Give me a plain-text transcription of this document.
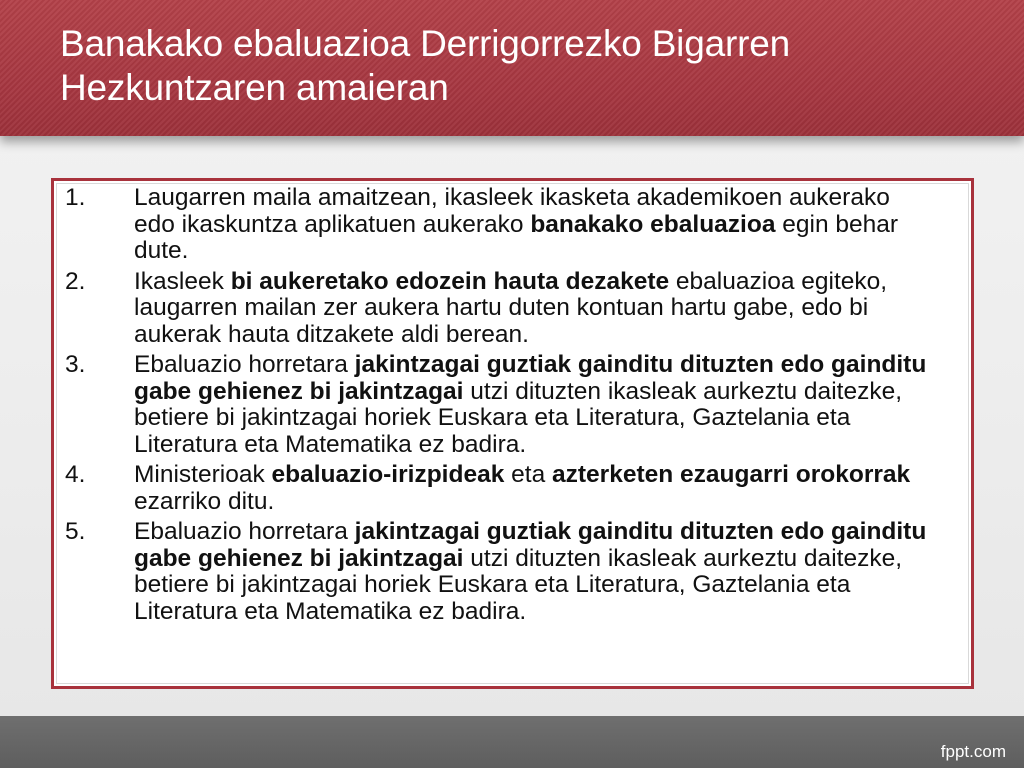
Banakako ebaluazioa Derrigorrezko Bigarren Hezkuntzaren amaieran
1. Laugarren maila amaitzean, ikasleek ikasketa akademikoen aukerako edo ikaskuntza aplikatuen aukerako banakako ebaluazioa egin behar dute.
2. Ikasleek bi aukeretako edozein hauta dezakete ebaluazioa egiteko, laugarren mailan zer aukera hartu duten kontuan hartu gabe, edo bi aukerak hauta ditzakete aldi berean.
3. Ebaluazio horretara jakintzagai guztiak gainditu dituzten edo gainditu gabe gehienez bi jakintzagai utzi dituzten ikasleak aurkeztu daitezke, betiere bi jakintzagai horiek Euskara eta Literatura, Gaztelania eta Literatura eta Matematika ez badira.
4. Ministerioak ebaluazio-irizpideak eta azterketen ezaugarri orokorrak ezarriko ditu.
5. Ebaluazio horretara jakintzagai guztiak gainditu dituzten edo gainditu gabe gehienez bi jakintzagai utzi dituzten ikasleak aurkeztu daitezke, betiere bi jakintzagai horiek Euskara eta Literatura, Gaztelania eta Literatura eta Matematika ez badira.
fppt.com
